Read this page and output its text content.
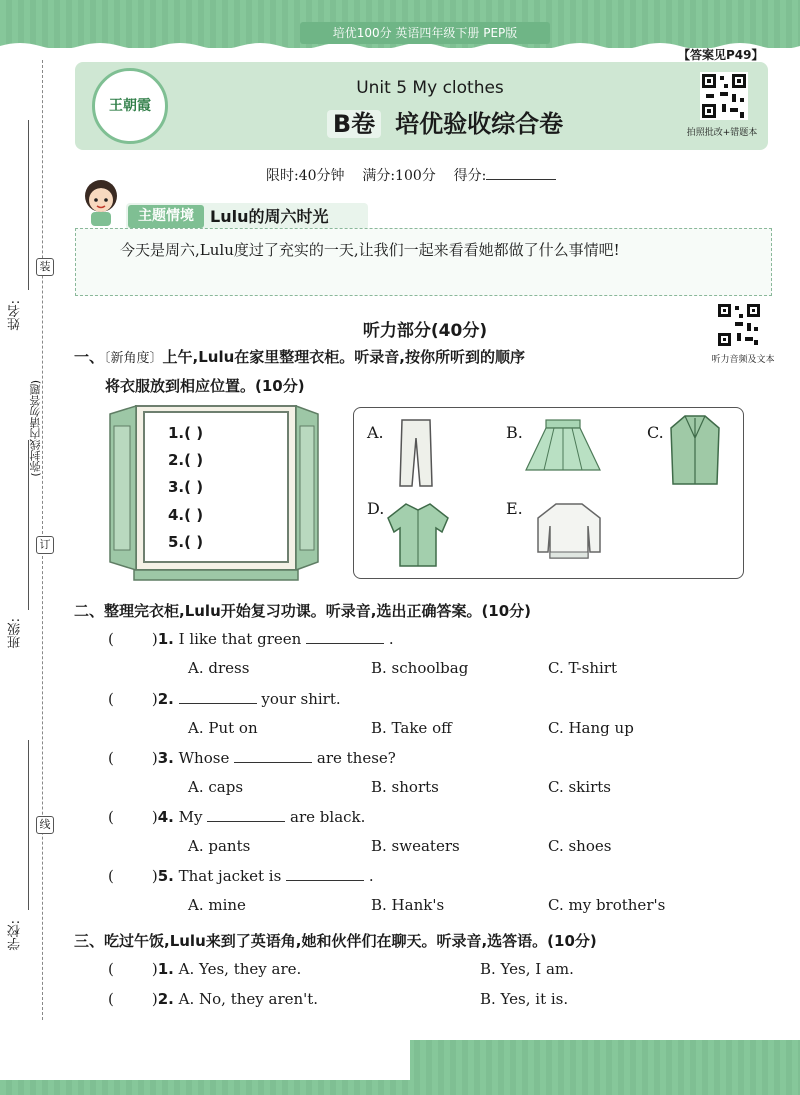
培优100分 英语四年级下册 PEP版
【答案见P49】
王朝霞
Unit 5 My clothes
B卷 培优验收综合卷	拍照批改+错题本
限时:40分钟 满分:100分 得分:
主题情境	Lulu的周六时光
今天是周六,Lulu度过了充实的一天,让我们一起来看看她都做了什么事情吧!
听力部分(40分)
听力音频及文本
一、〔新角度〕上午,Lulu在家里整理衣柜。听录音,按你所听到的顺序
将衣服放到相应位置。(10分)
1.( )
2.( )
3.( )
4.( )
5.( )
A.	B.	C.
D.	E.
二、整理完衣柜,Lulu开始复习功课。听录音,选出正确答案。(10分)
(	)1. I like that green	.
A. dress	B. schoolbag	C. T-shirt
(	)2.	your shirt.
A. Put on	B. Take off	C. Hang up
(	)3. Whose	are these?
A. caps	B. shorts	C. skirts
(	)4. My	are black.
A. pants	B. sweaters	C. shoes
(	)5. That jacket is	.
A. mine	B. Hank's	C. my brother's
(	)1. A. Yes, they are.	B. Yes, I am.
(	)2. A. No, they aren't.	B. Yes, it is.
三、吃过午饭,Lulu来到了英语角,她和伙伴们在聊天。听录音,选答语。(10分)
姓名:
(弥封线内请勿答题)
班级:
学校:
装
订
线
